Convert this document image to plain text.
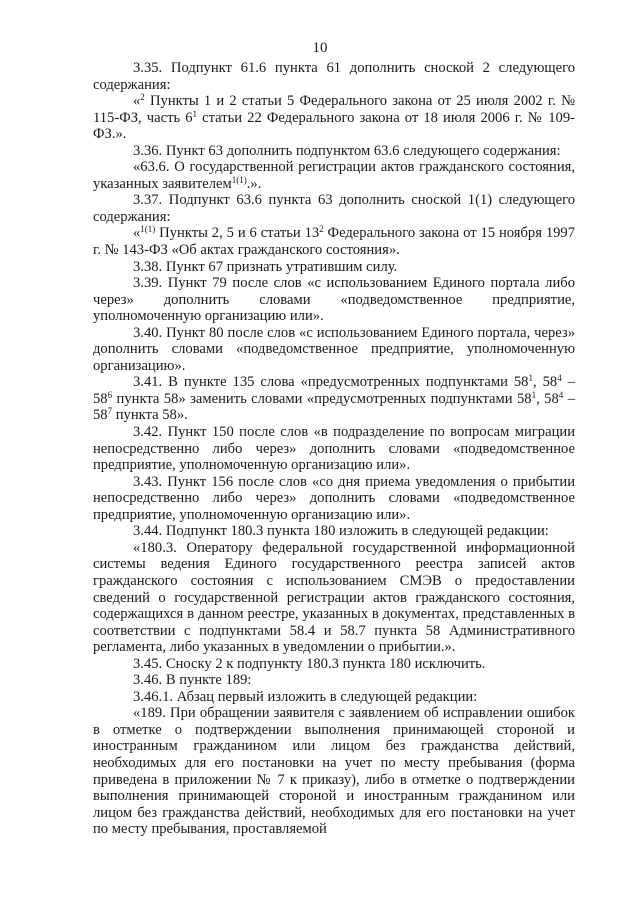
10

3.35. Подпункт 61.6 пункта 61 дополнить сноской 2 следующего содержания:

«$^2$ Пункты 1 и 2 статьи 5 Федерального закона от 25 июля 2002 г. № 115-ФЗ, часть $6^1$ статьи 22 Федерального закона от 18 июля 2006 г. № 109-ФЗ.».

3.36. Пункт 63 дополнить подпунктом 63.6 следующего содержания:

«63.6. О государственной регистрации актов гражданского состояния, указанных заявителем$^{1(1)}$.».

3.37. Подпункт 63.6 пункта 63 дополнить сноской 1(1) следующего содержания:

«$^{1(1)}$ Пункты 2, 5 и 6 статьи $13^2$ Федерального закона от 15 ноября 1997 г. № 143-ФЗ «Об актах гражданского состояния».

3.38. Пункт 67 признать утратившим силу.

3.39. Пункт 79 после слов «с использованием Единого портала либо через» дополнить словами «подведомственное предприятие, уполномоченную организацию или».

3.40. Пункт 80 после слов «с использованием Единого портала, через» дополнить словами «подведомственное предприятие, уполномоченную организацию».

3.41. В пункте 135 слова «предусмотренных подпунктами $58^1$, $58^4 - 58^6$ пункта 58» заменить словами «предусмотренных подпунктами $58^1$, $58^4 - 58^7$ пункта 58».

3.42. Пункт 150 после слов «в подразделение по вопросам миграции непосредственно либо через» дополнить словами «подведомственное предприятие, уполномоченную организацию или».

3.43. Пункт 156 после слов «со дня приема уведомления о прибытии непосредственно либо через» дополнить словами «подведомственное предприятие, уполномоченную организацию или».

3.44. Подпункт 180.3 пункта 180 изложить в следующей редакции:

«180.3. Оператору федеральной государственной информационной системы ведения Единого государственного реестра записей актов гражданского состояния с использованием СМЭВ о предоставлении сведений о государственной регистрации актов гражданского состояния, содержащихся в данном реестре, указанных в документах, представленных в соответствии с подпунктами 58.4 и 58.7 пункта 58 Административного регламента, либо указанных в уведомлении о прибытии.».

3.45. Сноску 2 к подпункту 180.3 пункта 180 исключить.

3.46. В пункте 189:

3.46.1. Абзац первый изложить в следующей редакции:

«189. При обращении заявителя с заявлением об исправлении ошибок в отметке о подтверждении выполнения принимающей стороной и иностранным гражданином или лицом без гражданства действий, необходимых для его постановки на учет по месту пребывания (форма приведена в приложении № 7 к приказу), либо в отметке о подтверждении выполнения принимающей стороной и иностранным гражданином или лицом без гражданства действий, необходимых для его постановки на учет по месту пребывания, проставляемой
